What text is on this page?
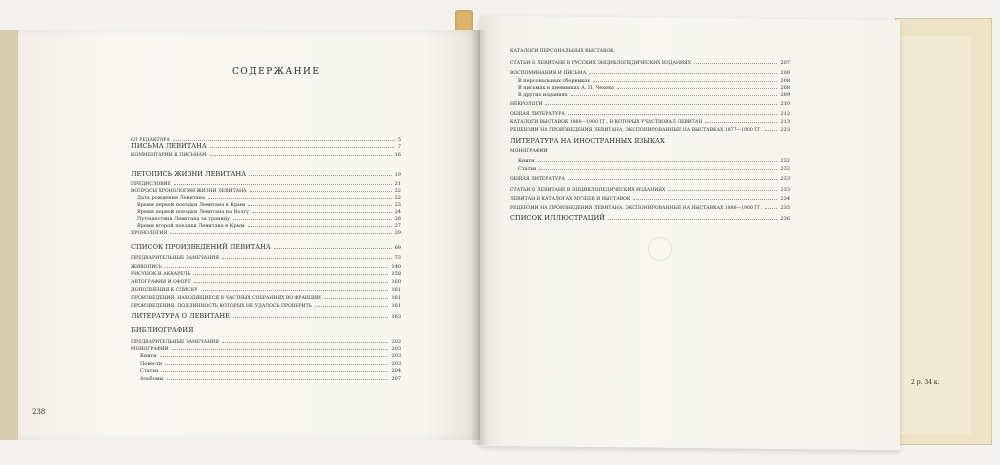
СОДЕРЖАНИЕ
ОТ РЕДАКТОРА	5
ПИСЬМА ЛЕВИТАНА	7
КОММЕНТАРИИ К ПИСЬМАМ	16
ЛЕТОПИСЬ ЖИЗНИ ЛЕВИТАНА	19
ПРЕДИСЛОВИЕ	21
ВОПРОСЫ ХРОНОЛОГИИ ЖИЗНИ ЛЕВИТАНА	22
Дата рождения Левитана	22
Время первой поездки Левитана в Крым	23
Время первой поездки Левитана на Волгу	24
Путешествия Левитана за границу	26
Время второй поездки Левитана в Крым	27
ХРОНОЛОГИЯ	29
СПИСОК ПРОИЗВЕДЕНИЙ ЛЕВИТАНА	69
ПРЕДВАРИТЕЛЬНЫЕ ЗАМЕЧАНИЯ	73
ЖИВОПИСЬ	140
РИСУНОК И АКВАРЕЛЬ	158
АВТОГРАФИИ И ОФОРТ	160
ДОПОЛНЕНИЯ К СПИСКУ	161
ПРОИЗВЕДЕНИЯ, НАХОДЯЩИЕСЯ В ЧАСТНЫХ СОБРАНИЯХ ВО ФРАНЦИИ	161
ПРОИЗВЕДЕНИЯ, ПОДЛИННОСТЬ КОТОРЫХ НЕ УДАЛОСЬ ПРОВЕРИТЬ	161
ЛИТЕРАТУРА О ЛЕВИТАНЕ	163
БИБЛИОГРАФИЯ
ПРЕДВАРИТЕЛЬНЫЕ ЗАМЕЧАНИЯ	202
МОНОГРАФИИ	203
Книги	203
Повести	203
Статьи	204
Альбомы	207
238
КАТАЛОГИ ПЕРСОНАЛЬНЫХ ВЫСТАВОК
СТАТЬИ О ЛЕВИТАНЕ В РУССКИХ ЭНЦИКЛОПЕДИЧЕСКИХ ИЗДАНИЯХ	207
ВОСПОМИНАНИЯ И ПИСЬМА	208
В персональных сборниках	208
В письмах и дневниках А. П. Чехова	208
В других изданиях	209
НЕКРОЛОГИ	210
ОБЩАЯ ЛИТЕРАТУРА	212
КАТАЛОГИ ВЫСТАВОК 1880—1900 ГГ., В КОТОРЫХ УЧАСТВОВАЛ ЛЕВИТАН	213
РЕЦЕНЗИИ НА ПРОИЗВЕДЕНИЯ ЛЕВИТАНА, ЭКСПОНИРОВАННЫЕ НА ВЫСТАВКАХ 1877—1900 ГГ.	223
ЛИТЕРАТУРА НА ИНОСТРАННЫХ ЯЗЫКАХ
МОНОГРАФИИ
Книги	232
Статьи	232
ОБЩАЯ ЛИТЕРАТУРА	233
СТАТЬИ О ЛЕВИТАНЕ В ЭНЦИКЛОПЕДИЧЕСКИХ ИЗДАНИЯХ	233
ЛЕВИТАН В КАТАЛОГАХ МУЗЕЕВ И ВЫСТАВОК	234
РЕЦЕНЗИИ НА ПРОИЗВЕДЕНИЯ ЛЕВИТАНА, ЭКСПОНИРОВАННЫЕ НА ВЫСТАВКАХ 1886—1900 ГГ.	235
СПИСОК ИЛЛЮСТРАЦИЙ	236
2 р. 34 к.
